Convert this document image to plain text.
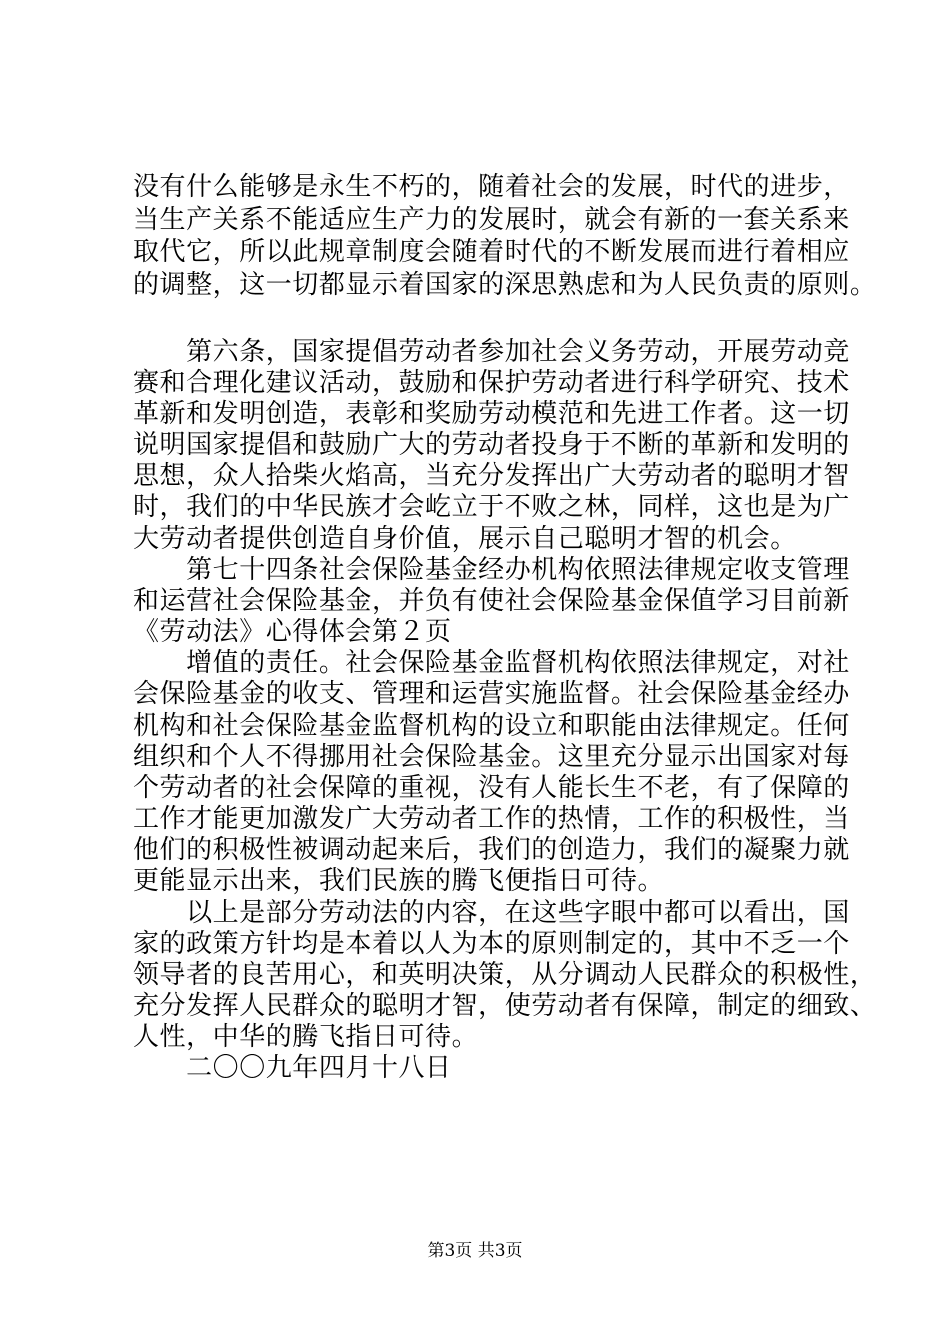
没有什么能够是永生不朽的，随着社会的发展，时代的进步，
当生产关系不能适应生产力的发展时，就会有新的一套关系来
取代它，所以此规章制度会随着时代的不断发展而进行着相应
的调整，这一切都显示着国家的深思熟虑和为人民负责的原则。
　　第六条，国家提倡劳动者参加社会义务劳动，开展劳动竞
赛和合理化建议活动，鼓励和保护劳动者进行科学研究、技术
革新和发明创造，表彰和奖励劳动模范和先进工作者。这一切
说明国家提倡和鼓励广大的劳动者投身于不断的革新和发明的
思想，众人拾柴火焰高，当充分发挥出广大劳动者的聪明才智
时，我们的中华民族才会屹立于不败之林，同样，这也是为广
大劳动者提供创造自身价值，展示自己聪明才智的机会。
　　第七十四条社会保险基金经办机构依照法律规定收支管理
和运营社会保险基金，并负有使社会保险基金保值学习目前新
《劳动法》心得体会第２页
　　增值的责任。社会保险基金监督机构依照法律规定，对社
会保险基金的收支、管理和运营实施监督。社会保险基金经办
机构和社会保险基金监督机构的设立和职能由法律规定。任何
组织和个人不得挪用社会保险基金。这里充分显示出国家对每
个劳动者的社会保障的重视，没有人能长生不老，有了保障的
工作才能更加激发广大劳动者工作的热情，工作的积极性，当
他们的积极性被调动起来后，我们的创造力，我们的凝聚力就
更能显示出来，我们民族的腾飞便指日可待。
　　以上是部分劳动法的内容，在这些字眼中都可以看出，国
家的政策方针均是本着以人为本的原则制定的，其中不乏一个
领导者的良苦用心，和英明决策，从分调动人民群众的积极性，
充分发挥人民群众的聪明才智，使劳动者有保障，制定的细致、
人性，中华的腾飞指日可待。
　　二〇〇九年四月十八日
第3页 共3页
